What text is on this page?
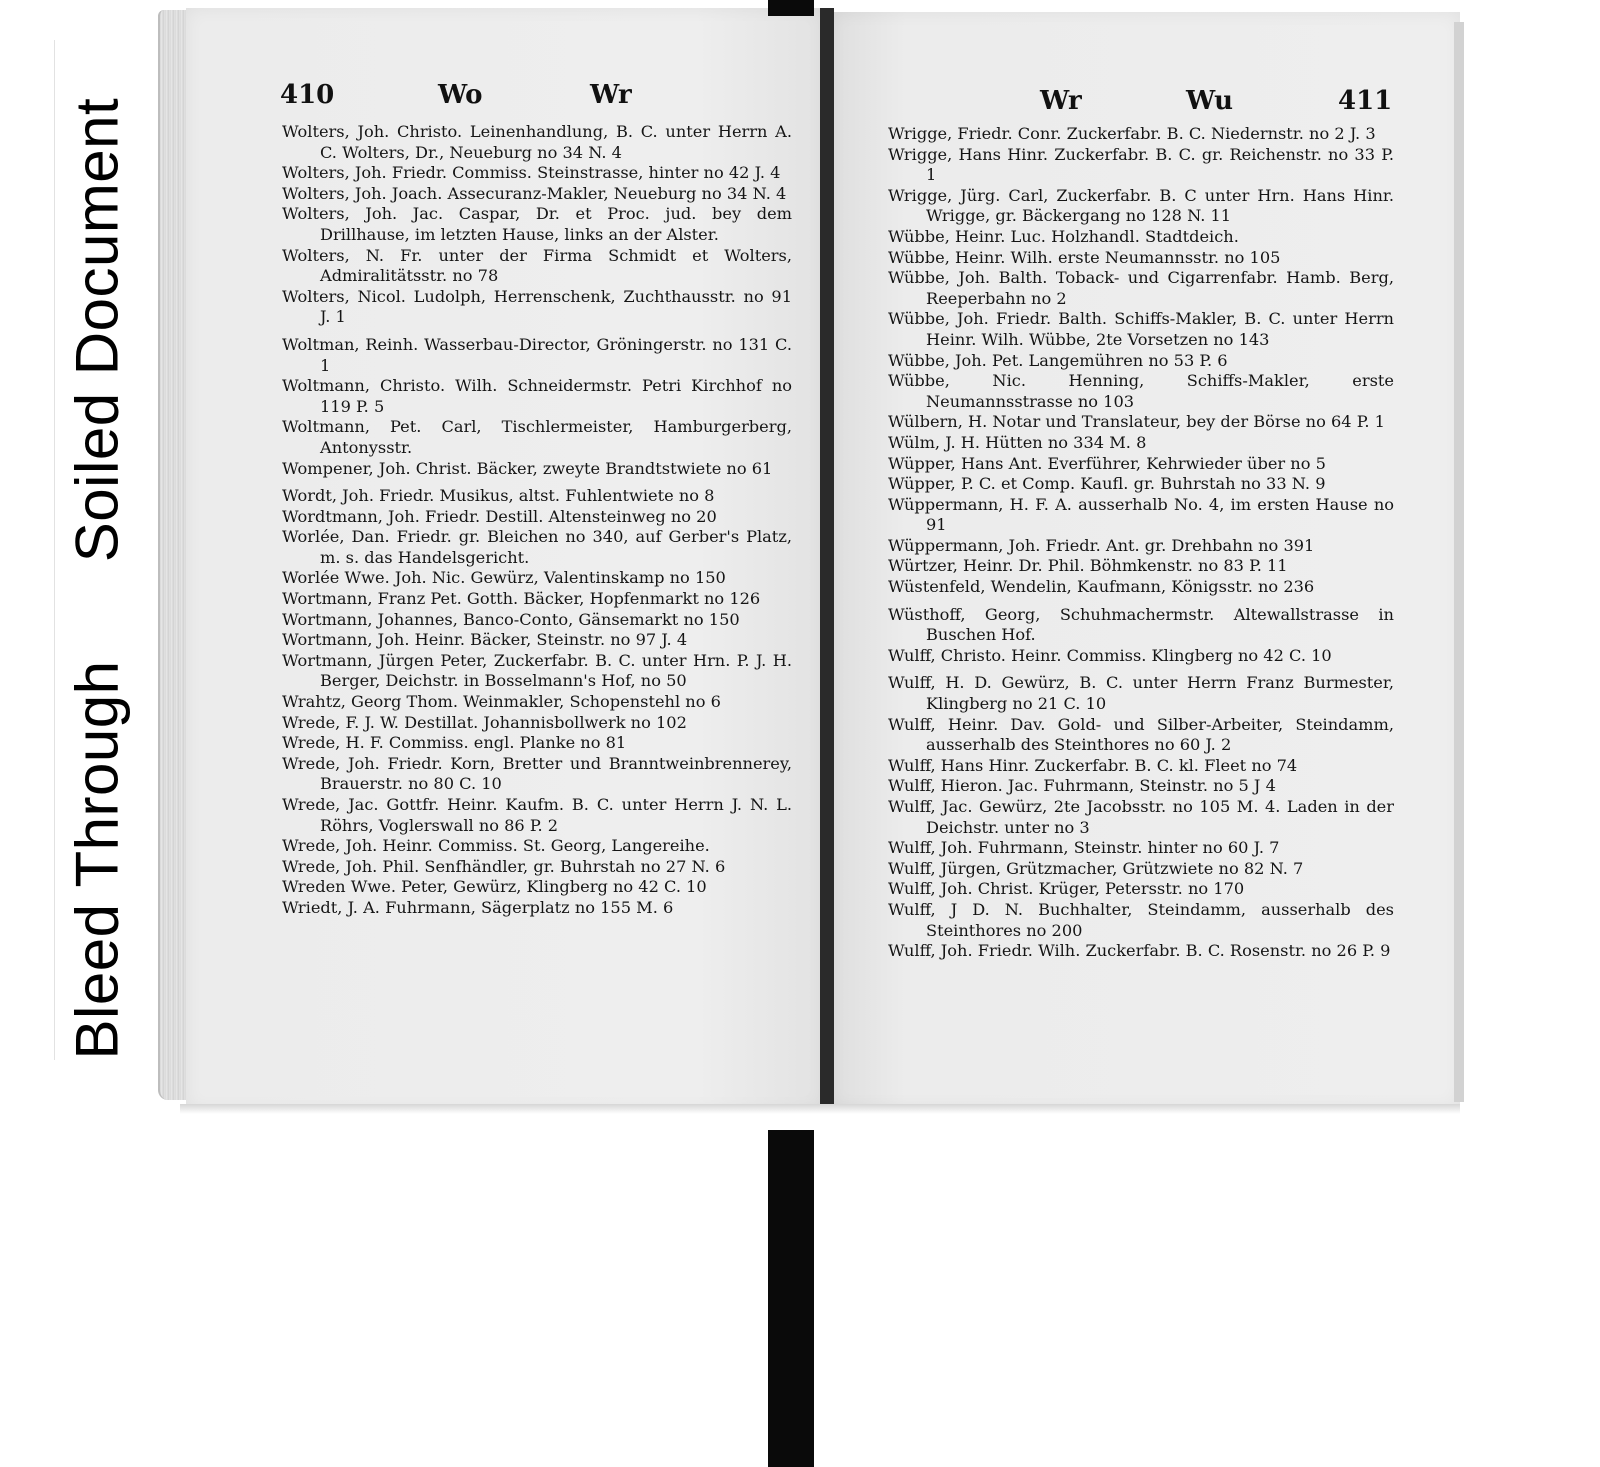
Soiled Document
Bleed Through
410	Wo	Wr	Wr	Wu	411
Wolters, Joh. Christo. Leinenhandlung, B. C. unter Herrn A. C. Wolters, Dr., Neueburg no 34 N. 4
Wolters, Joh. Friedr. Commiss. Steinstrasse, hinter no 42 J. 4
Wolters, Joh. Joach. Assecuranz-Makler, Neueburg no 34 N. 4
Wolters, Joh. Jac. Caspar, Dr. et Proc. jud. bey dem Drillhause, im letzten Hause, links an der Alster.
Wolters, N. Fr. unter der Firma Schmidt et Wolters, Admiralitätsstr. no 78
Wolters, Nicol. Ludolph, Herrenschenk, Zuchthausstr. no 91 J. 1
Woltman, Reinh. Wasserbau-Director, Gröningerstr. no 131 C. 1
Woltmann, Christo. Wilh. Schneidermstr. Petri Kirchhof no 119 P. 5
Woltmann, Pet. Carl, Tischlermeister, Hamburgerberg, Antonysstr.
Wompener, Joh. Christ. Bäcker, zweyte Brandtstwiete no 61
Wordt, Joh. Friedr. Musikus, altst. Fuhlentwiete no 8
Wordtmann, Joh. Friedr. Destill. Altensteinweg no 20
Worlée, Dan. Friedr. gr. Bleichen no 340, auf Gerber's Platz, m. s. das Handelsgericht.
Worlée Wwe. Joh. Nic. Gewürz, Valentinskamp no 150
Wortmann, Franz Pet. Gotth. Bäcker, Hopfenmarkt no 126
Wortmann, Johannes, Banco-Conto, Gänsemarkt no 150
Wortmann, Joh. Heinr. Bäcker, Steinstr. no 97 J. 4
Wortmann, Jürgen Peter, Zuckerfabr. B. C. unter Hrn. P. J. H. Berger, Deichstr. in Bosselmann's Hof, no 50
Wrahtz, Georg Thom. Weinmakler, Schopenstehl no 6
Wrede, F. J. W. Destillat. Johannisbollwerk no 102
Wrede, H. F. Commiss. engl. Planke no 81
Wrede, Joh. Friedr. Korn, Bretter und Branntweinbrennerey, Brauerstr. no 80 C. 10
Wrede, Jac. Gottfr. Heinr. Kaufm. B. C. unter Herrn J. N. L. Röhrs, Voglerswall no 86 P. 2
Wrede, Joh. Heinr. Commiss. St. Georg, Langereihe.
Wrede, Joh. Phil. Senfhändler, gr. Buhrstah no 27 N. 6
Wreden Wwe. Peter, Gewürz, Klingberg no 42 C. 10
Wriedt, J. A. Fuhrmann, Sägerplatz no 155 M. 6
Wrigge, Friedr. Conr. Zuckerfabr. B. C. Niedernstr. no 2 J. 3
Wrigge, Hans Hinr. Zuckerfabr. B. C. gr. Reichenstr. no 33 P. 1
Wrigge, Jürg. Carl, Zuckerfabr. B. C unter Hrn. Hans Hinr. Wrigge, gr. Bäckergang no 128 N. 11
Wübbe, Heinr. Luc. Holzhandl. Stadtdeich.
Wübbe, Heinr. Wilh. erste Neumannsstr. no 105
Wübbe, Joh. Balth. Toback- und Cigarrenfabr. Hamb. Berg, Reeperbahn no 2
Wübbe, Joh. Friedr. Balth. Schiffs-Makler, B. C. unter Herrn Heinr. Wilh. Wübbe, 2te Vorsetzen no 143
Wübbe, Joh. Pet. Langemühren no 53 P. 6
Wübbe, Nic. Henning, Schiffs-Makler, erste Neumannsstrasse no 103
Wülbern, H. Notar und Translateur, bey der Börse no 64 P. 1
Wülm, J. H. Hütten no 334 M. 8
Wüpper, Hans Ant. Everführer, Kehrwieder über no 5
Wüpper, P. C. et Comp. Kaufl. gr. Buhrstah no 33 N. 9
Wüppermann, H. F. A. ausserhalb No. 4, im ersten Hause no 91
Wüppermann, Joh. Friedr. Ant. gr. Drehbahn no 391
Würtzer, Heinr. Dr. Phil. Böhmkenstr. no 83 P. 11
Wüstenfeld, Wendelin, Kaufmann, Königsstr. no 236
Wüsthoff, Georg, Schuhmachermstr. Altewallstrasse in Buschen Hof.
Wulff, Christo. Heinr. Commiss. Klingberg no 42 C. 10
Wulff, H. D. Gewürz, B. C. unter Herrn Franz Burmester, Klingberg no 21 C. 10
Wulff, Heinr. Dav. Gold- und Silber-Arbeiter, Steindamm, ausserhalb des Steinthores no 60 J. 2
Wulff, Hans Hinr. Zuckerfabr. B. C. kl. Fleet no 74
Wulff, Hieron. Jac. Fuhrmann, Steinstr. no 5 J 4
Wulff, Jac. Gewürz, 2te Jacobsstr. no 105 M. 4. Laden in der Deichstr. unter no 3
Wulff, Joh. Fuhrmann, Steinstr. hinter no 60 J. 7
Wulff, Jürgen, Grützmacher, Grützwiete no 82 N. 7
Wulff, Joh. Christ. Krüger, Petersstr. no 170
Wulff, J D. N. Buchhalter, Steindamm, ausserhalb des Steinthores no 200
Wulff, Joh. Friedr. Wilh. Zuckerfabr. B. C. Rosenstr. no 26 P. 9
